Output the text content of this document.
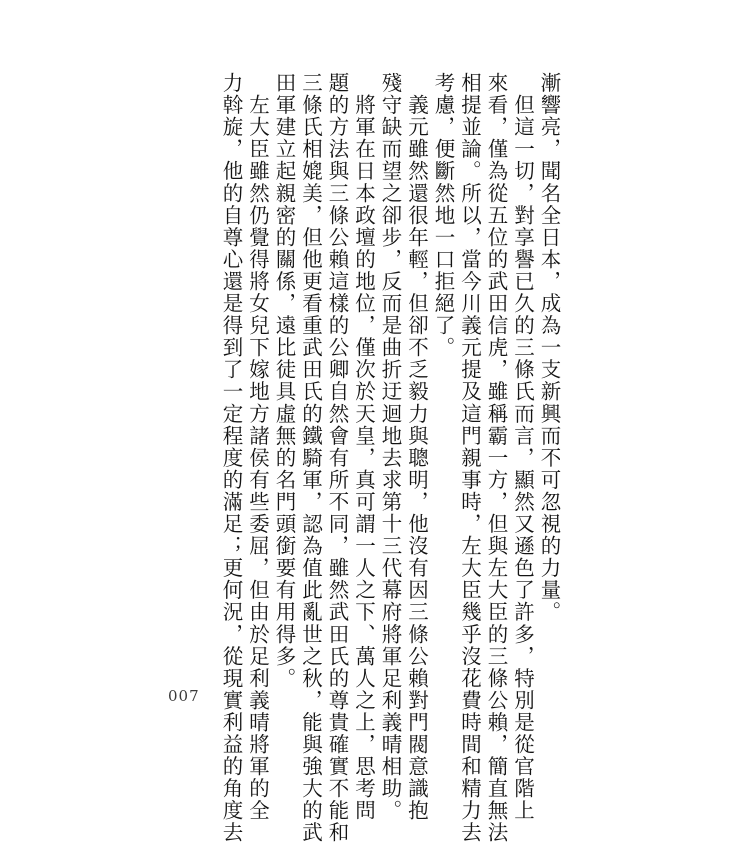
漸響亮，聞名全日本，成為一支新興而不可忽視的力量。
　但這一切，對享譽已久的三條氏而言，顯然又遜色了許多，特別是從官階上
來看，僅為從五位的武田信虎，雖稱霸一方，但與左大臣的三條公賴，簡直無法
相提並論。所以，當今川義元提及這門親事時，左大臣幾乎沒花費時間和精力去
考慮，便斷然地一口拒絕了。
　義元雖然還很年輕，但卻不乏毅力與聰明，他沒有因三條公賴對門閥意識抱
殘守缺而望之卻步，反而是曲折迂迴地去求第十三代幕府將軍足利義晴相助。
　將軍在日本政壇的地位，僅次於天皇，真可謂一人之下、萬人之上，思考問
題的方法與三條公賴這樣的公卿自然會有所不同，雖然武田氏的尊貴確實不能和
三條氏相媲美，但他更看重武田氏的鐵騎軍，認為值此亂世之秋，能與強大的武
田軍建立起親密的關係，遠比徒具虛無的名門頭銜要有用得多。
　左大臣雖然仍覺得將女兒下嫁地方諸侯有些委屈，但由於足利義晴將軍的全
力斡旋，他的自尊心還是得到了一定程度的滿足；更何況，從現實利益的角度去
007
